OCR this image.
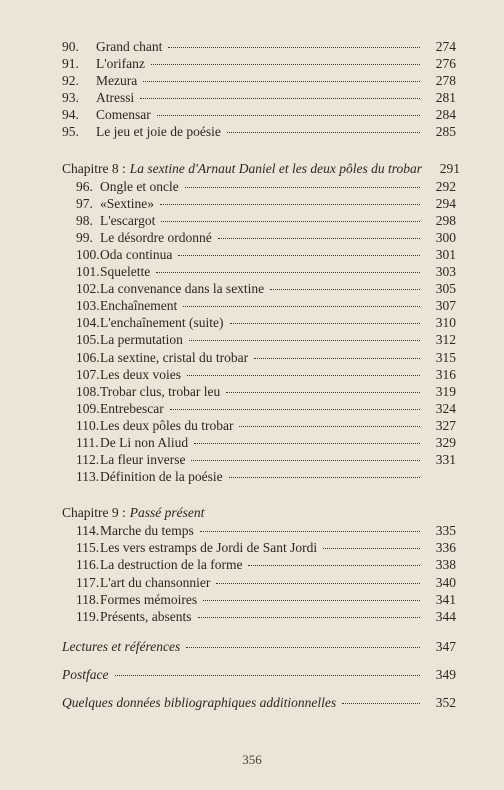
90.	Grand chant	274
91.	L'orifanz	276
92.	Mezura	278
93.	Atressi	281
94.	Comensar	284
95.	Le jeu et joie de poésie	285
Chapitre 8 : La sextine d'Arnaut Daniel et les deux pôles du trobar	291
96. Ongle et oncle	292
97. «Sextine»	294
98. L'escargot	298
99. Le désordre ordonné	300
100. Oda continua	301
101. Squelette	303
102. La convenance dans la sextine	305
103. Enchaînement	307
104. L'enchaînement (suite)	310
105. La permutation	312
106. La sextine, cristal du trobar	315
107. Les deux voies	316
108. Trobar clus, trobar leu	319
109. Entrebescar	324
110. Les deux pôles du trobar	327
111. De Li non Aliud	329
112. La fleur inverse	331
113. Définition de la poésie
Chapitre 9 : Passé présent
114. Marche du temps	335
115. Les vers estramps de Jordi de Sant Jordi	336
116. La destruction de la forme	338
117. L'art du chansonnier	340
118. Formes mémoires	341
119. Présents, absents	344
Lectures et références	347
Postface	349
Quelques données bibliographiques additionnelles	352
356
